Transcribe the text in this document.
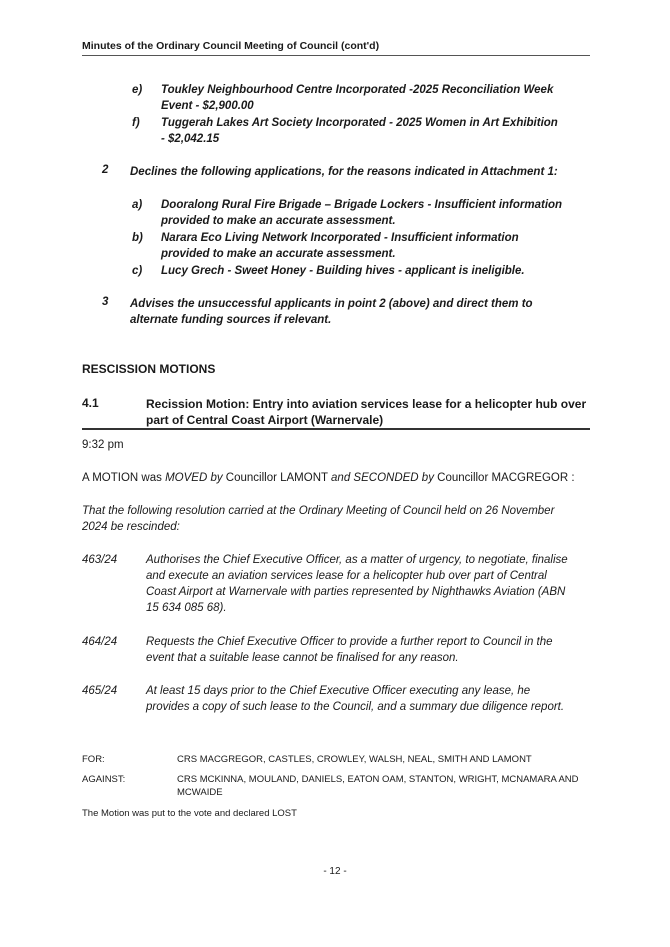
Minutes of the Ordinary Council Meeting of Council (cont'd)
e)	Toukley Neighbourhood Centre Incorporated -2025 Reconciliation Week
Event - $2,900.00
f)	Tuggerah Lakes Art Society Incorporated - 2025 Women in Art Exhibition
- $2,042.15
2 Declines the following applications, for the reasons indicated in Attachment 1:
a)	Dooralong Rural Fire Brigade – Brigade Lockers - Insufficient information
provided to make an accurate assessment.
b)	Narara Eco Living Network Incorporated - Insufficient information
provided to make an accurate assessment.
c)	Lucy Grech - Sweet Honey - Building hives - applicant is ineligible.
3 Advises the unsuccessful applicants in point 2 (above) and direct them to
alternate funding sources if relevant.
RESCISSION MOTIONS
4.1	Recission Motion: Entry into aviation services lease for a helicopter hub over
part of Central Coast Airport (Warnervale)
9:32 pm
A MOTION was MOVED by Councillor LAMONT and SECONDED by Councillor MACGREGOR :
That the following resolution carried at the Ordinary Meeting of Council held on 26 November
2024 be rescinded:
463/24	Authorises the Chief Executive Officer, as a matter of urgency, to negotiate, finalise
and execute an aviation services lease for a helicopter hub over part of Central
Coast Airport at Warnervale with parties represented by Nighthawks Aviation (ABN
15 634 085 68).
464/24	Requests the Chief Executive Officer to provide a further report to Council in the
event that a suitable lease cannot be finalised for any reason.
465/24	At least 15 days prior to the Chief Executive Officer executing any lease, he
provides a copy of such lease to the Council, and a summary due diligence report.
FOR:	CRS MACGREGOR, CASTLES, CROWLEY, WALSH, NEAL, SMITH AND LAMONT
AGAINST:	CRS MCKINNA, MOULAND, DANIELS, EATON OAM, STANTON, WRIGHT, MCNAMARA AND
MCWAIDE
The Motion was put to the vote and declared LOST
- 12 -
